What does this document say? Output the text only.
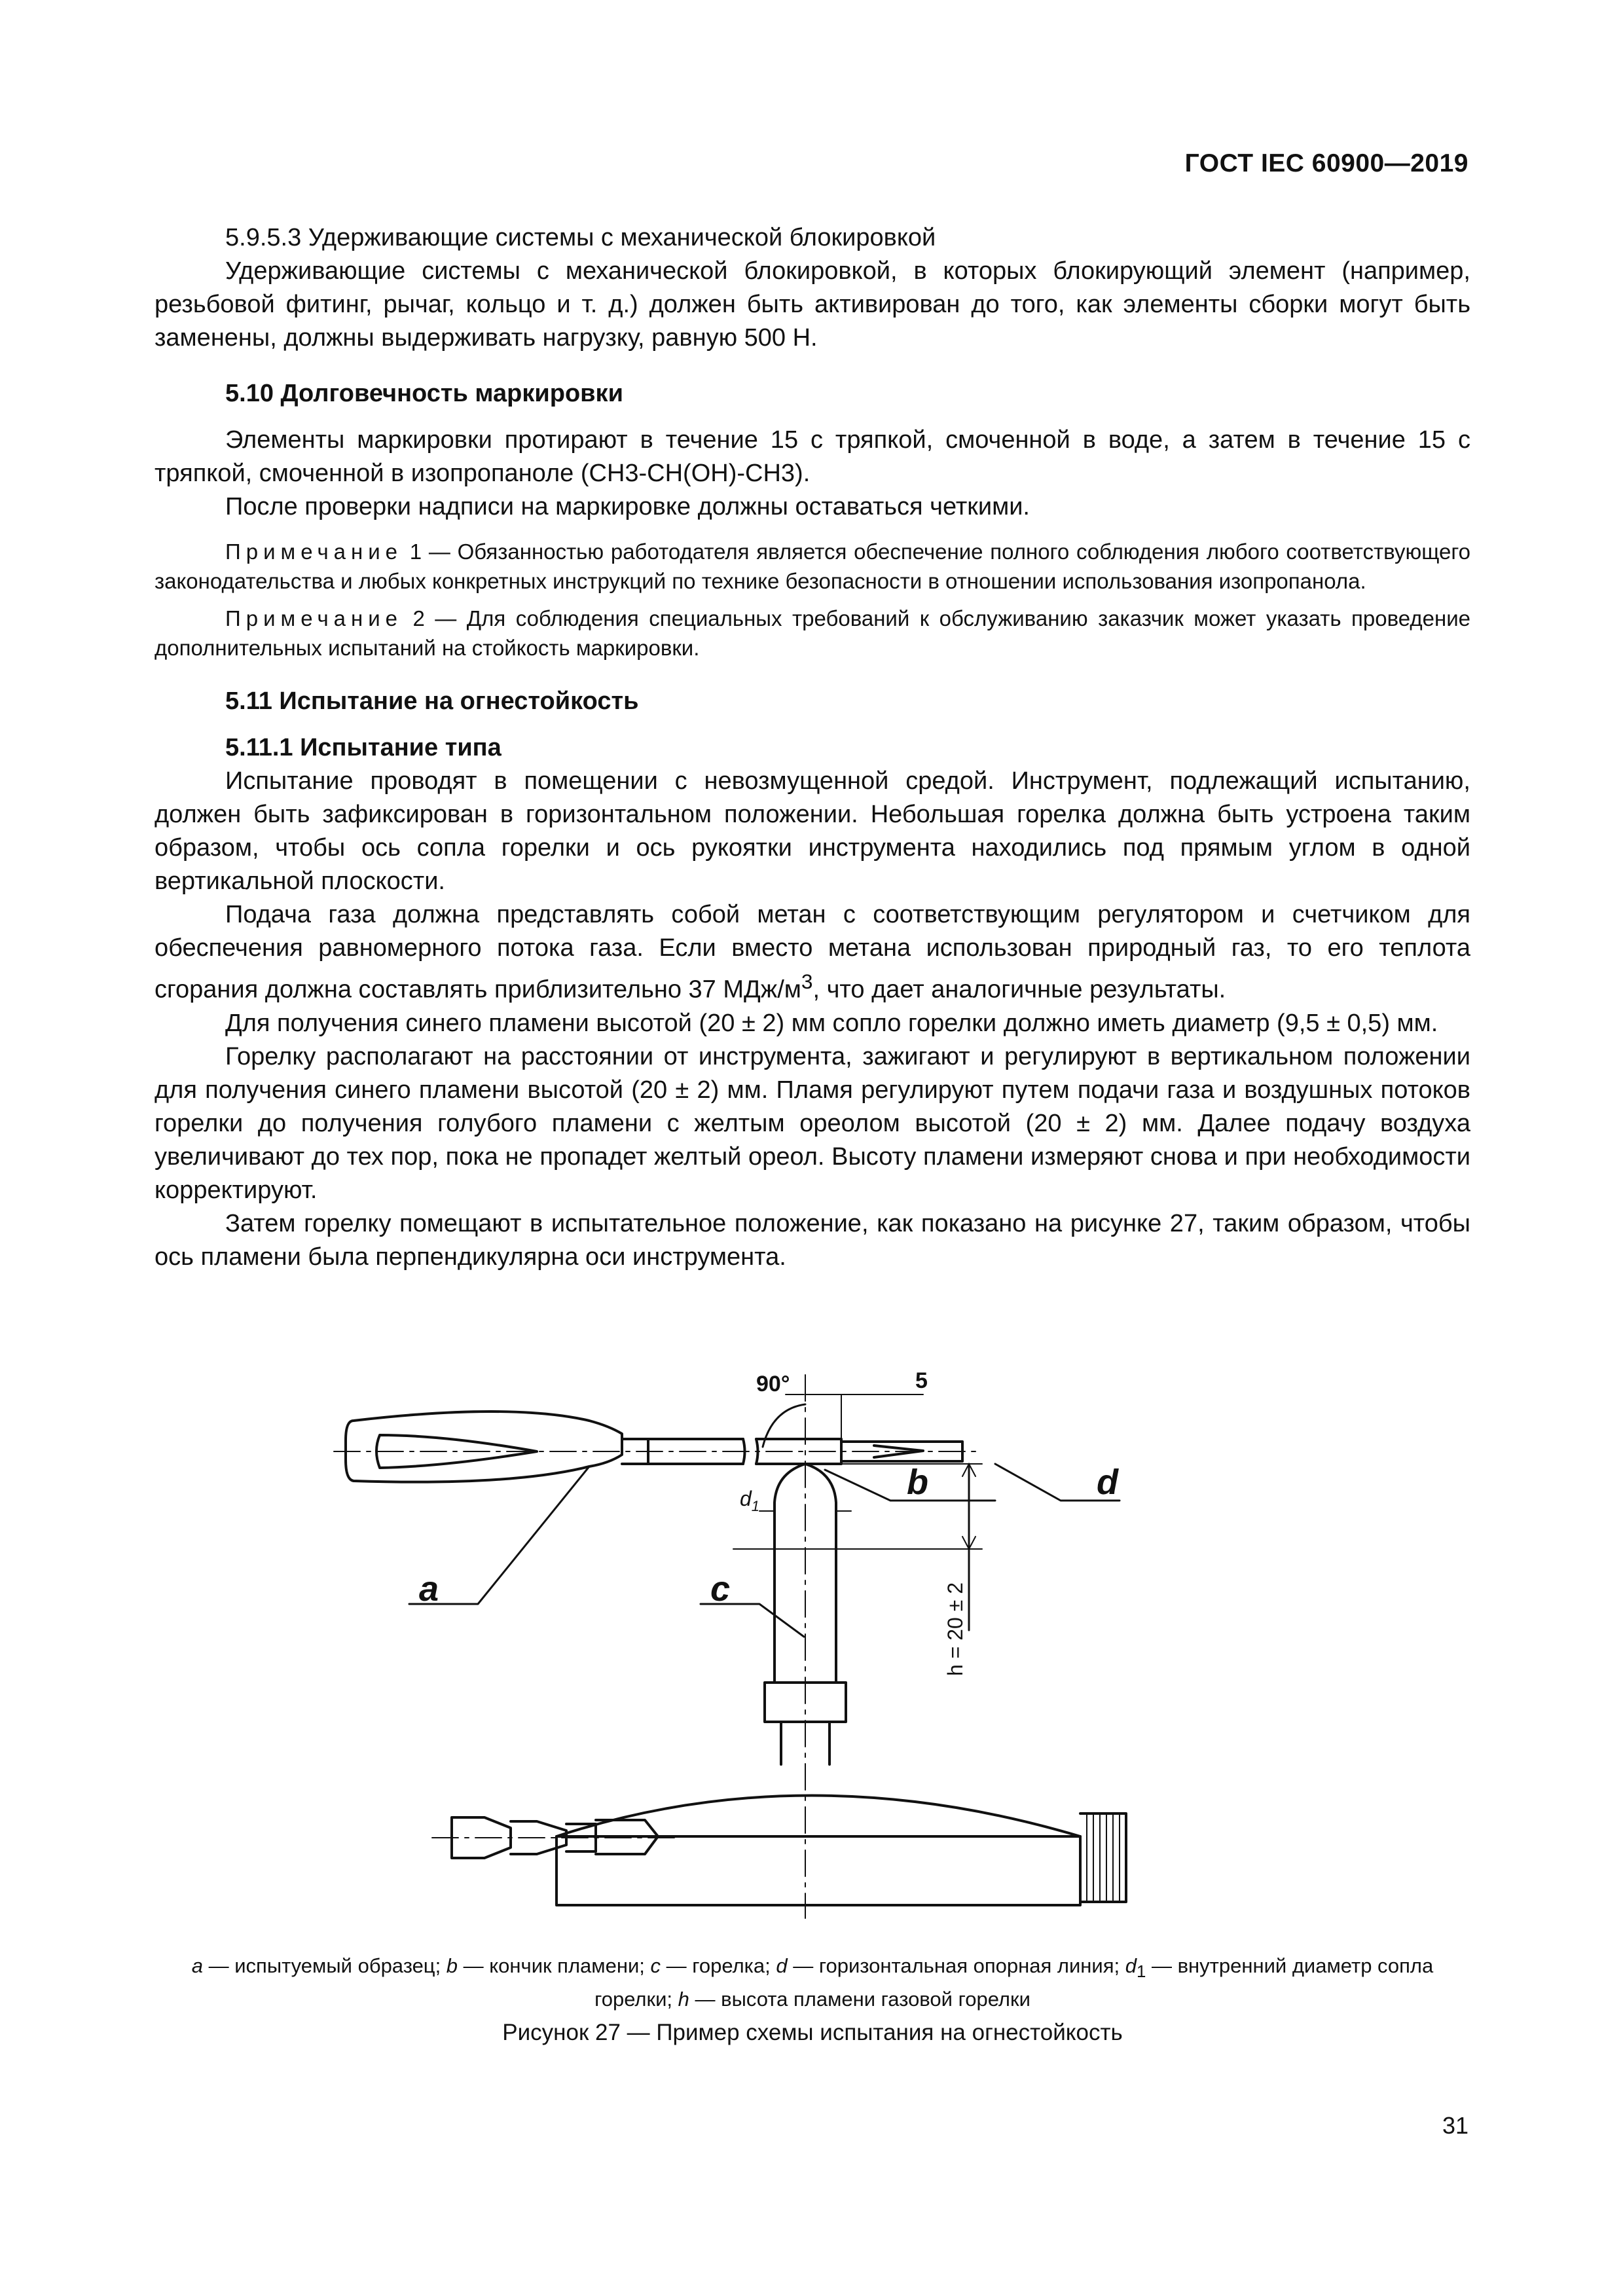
ГОСТ IEC 60900—2019

5.9.5.3 Удерживающие системы с механической блокировкой

Удерживающие системы с механической блокировкой, в которых блокирующий элемент (например, резьбовой фитинг, рычаг, кольцо и т. д.) должен быть активирован до того, как элементы сборки могут быть заменены, должны выдерживать нагрузку, равную 500 Н.

5.10 Долговечность маркировки

Элементы маркировки протирают в течение 15 с тряпкой, смоченной в воде, а затем в течение 15 с тряпкой, смоченной в изопропаноле (СН3-СН(ОН)-СН3).

После проверки надписи на маркировке должны оставаться четкими.

Примечание 1 — Обязанностью работодателя является обеспечение полного соблюдения любого соответствующего законодательства и любых конкретных инструкций по технике безопасности в отношении использования изопропанола.

Примечание 2 — Для соблюдения специальных требований к обслуживанию заказчик может указать проведение дополнительных испытаний на стойкость маркировки.

5.11 Испытание на огнестойкость

5.11.1 Испытание типа

Испытание проводят в помещении с невозмущенной средой. Инструмент, подлежащий испытанию, должен быть зафиксирован в горизонтальном положении. Небольшая горелка должна быть устроена таким образом, чтобы ось сопла горелки и ось рукоятки инструмента находились под прямым углом в одной вертикальной плоскости.

Подача газа должна представлять собой метан с соответствующим регулятором и счетчиком для обеспечения равномерного потока газа. Если вместо метана использован природный газ, то его теплота сгорания должна составлять приблизительно 37 МДж/$м^3$, что дает аналогичные результаты.

Для получения синего пламени высотой (20 ± 2) мм сопло горелки должно иметь диаметр (9,5 ± 0,5) мм.

Горелку располагают на расстоянии от инструмента, зажигают и регулируют в вертикальном положении для получения синего пламени высотой (20 ± 2) мм. Пламя регулируют путем подачи газа и воздушных потоков горелки до получения голубого пламени с желтым ореолом высотой (20 ± 2) мм. Далее подачу воздуха увеличивают до тех пор, пока не пропадет желтый ореол. Высоту пламени измеряют снова и при необходимости корректируют.

Затем горелку помещают в испытательное положение, как показано на рисунке 27, таким образом, чтобы ось пламени была перпендикулярна оси инструмента.

90°	5
a
b
c
d
$d_1$
h = 20 ± 2
a — испытуемый образец; b — кончик пламени; c — горелка; d — горизонтальная опорная линия; $d_1$ — внутренний диаметр сопла горелки; h — высота пламени газовой горелки
Рисунок 27 — Пример схемы испытания на огнестойкость
31
